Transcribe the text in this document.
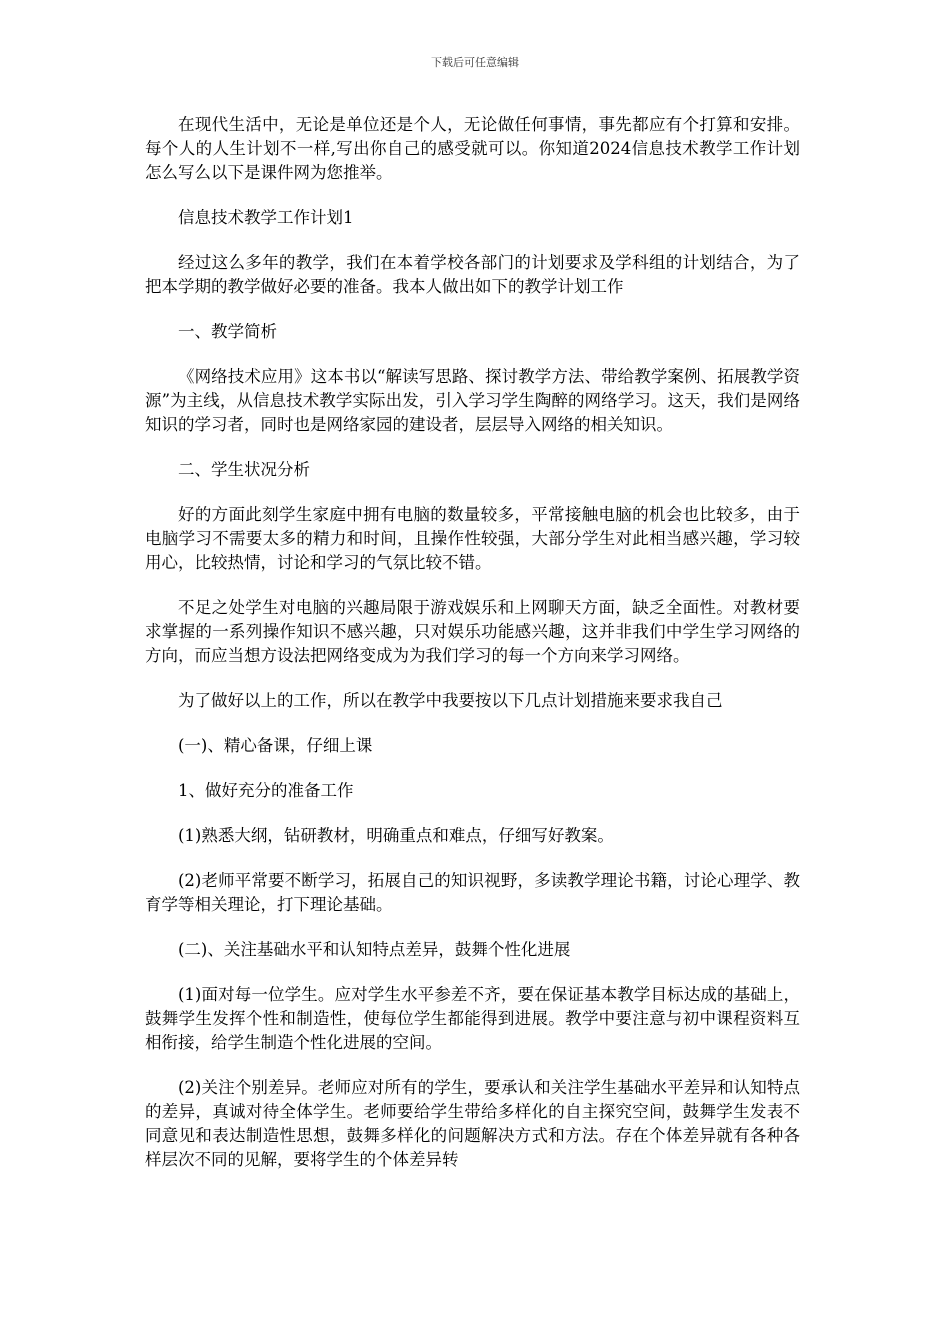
下载后可任意编辑

在现代生活中，无论是单位还是个人，无论做任何事情，事先都应有个打算和安排。每个人的人生计划不一样,写出你自己的感受就可以。你知道2024信息技术教学工作计划怎么写么以下是课件网为您推举。

信息技术教学工作计划1

经过这么多年的教学，我们在本着学校各部门的计划要求及学科组的计划结合，为了把本学期的教学做好必要的准备。我本人做出如下的教学计划工作

一、教学简析

《网络技术应用》这本书以“解读写思路、探讨教学方法、带给教学案例、拓展教学资源”为主线，从信息技术教学实际出发，引入学习学生陶醉的网络学习。这天，我们是网络知识的学习者，同时也是网络家园的建设者，层层导入网络的相关知识。

二、学生状况分析

好的方面此刻学生家庭中拥有电脑的数量较多，平常接触电脑的机会也比较多，由于电脑学习不需要太多的精力和时间，且操作性较强，大部分学生对此相当感兴趣，学习较用心，比较热情，讨论和学习的气氛比较不错。

不足之处学生对电脑的兴趣局限于游戏娱乐和上网聊天方面，缺乏全面性。对教材要求掌握的一系列操作知识不感兴趣，只对娱乐功能感兴趣，这并非我们中学生学习网络的方向，而应当想方设法把网络变成为为我们学习的每一个方向来学习网络。

为了做好以上的工作，所以在教学中我要按以下几点计划措施来要求我自己

(一)、精心备课，仔细上课

1、做好充分的准备工作

(1)熟悉大纲，钻研教材，明确重点和难点，仔细写好教案。

(2)老师平常要不断学习，拓展自己的知识视野，多读教学理论书籍，讨论心理学、教育学等相关理论，打下理论基础。

(二)、关注基础水平和认知特点差异，鼓舞个性化进展

(1)面对每一位学生。应对学生水平参差不齐，要在保证基本教学目标达成的基础上，鼓舞学生发挥个性和制造性，使每位学生都能得到进展。教学中要注意与初中课程资料互相衔接，给学生制造个性化进展的空间。

(2)关注个别差异。老师应对所有的学生，要承认和关注学生基础水平差异和认知特点的差异，真诚对待全体学生。老师要给学生带给多样化的自主探究空间，鼓舞学生发表不同意见和表达制造性思想，鼓舞多样化的问题解决方式和方法。存在个体差异就有各种各样层次不同的见解，要将学生的个体差异转
